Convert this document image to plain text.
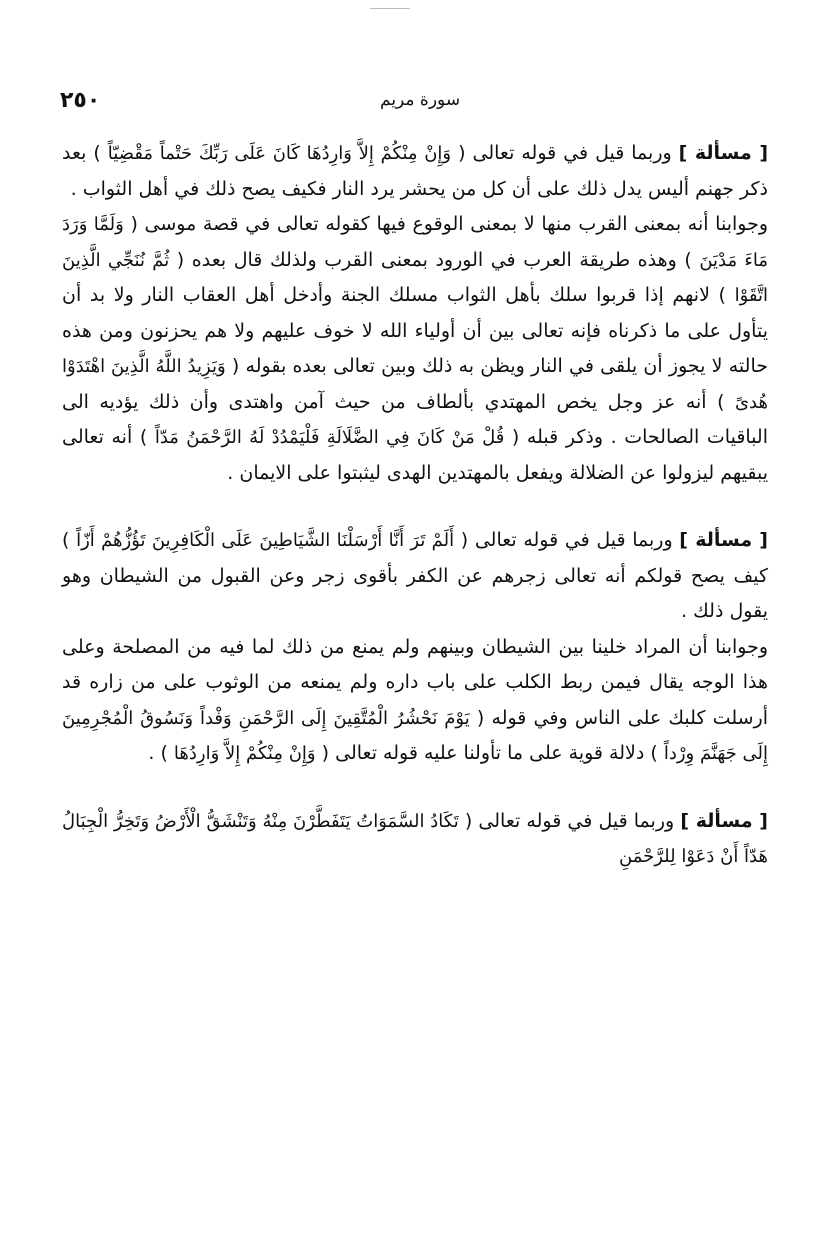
٢٥٠	سورة مريم

[ مسألة ] وربما قيل في قوله تعالى ( وَإِنْ مِنْكُمْ إِلاَّ وَارِدُهَا كَانَ عَلَى رَبِّكَ حَتْماً مَقْضِيّاً ) بعد ذكر جهنم أليس يدل ذلك على أن كل من يحشر يرد النار فكيف يصح ذلك في أهل الثواب .

وجوابنا أنه بمعنى القرب منها لا بمعنى الوقوع فيها كقوله تعالى في قصة موسى ( وَلَمَّا وَرَدَ مَاءَ مَدْيَنَ ) وهذه طريقة العرب في الورود بمعنى القرب ولذلك قال بعده ( ثُمَّ نُنَجِّي الَّذِينَ اتَّقَوْا ) لانهم إذا قربوا سلك بأهل الثواب مسلك الجنة وأدخل أهل العقاب النار ولا بد أن يتأول على ما ذكرناه فإنه تعالى بين أن أولياء الله لا خوف عليهم ولا هم يحزنون ومن هذه حالته لا يجوز أن يلقى في النار ويظن به ذلك وبين تعالى بعده بقوله ( وَيَزِيدُ اللَّهُ الَّذِينَ اهْتَدَوْا هُدىً ) أنه عز وجل يخص المهتدي بألطاف من حيث آمن واهتدى وأن ذلك يؤديه الى الباقيات الصالحات . وذكر قبله ( قُلْ مَنْ كَانَ فِي الضَّلَالَةِ فَلْيَمْدُدْ لَهُ الرَّحْمَنُ مَدّاً ) أنه تعالى يبقيهم ليزولوا عن الضلالة ويفعل بالمهتدين الهدى ليثبتوا على الايمان .

[ مسألة ] وربما قيل في قوله تعالى ( أَلَمْ تَرَ أَنَّا أَرْسَلْنَا الشَّيَاطِينَ عَلَى الْكَافِرِينَ تَؤُزُّهُمْ أَزّاً ) كيف يصح قولكم أنه تعالى زجرهم عن الكفر بأقوى زجر وعن القبول من الشيطان وهو يقول ذلك .

وجوابنا أن المراد خلينا بين الشيطان وبينهم ولم يمنع من ذلك لما فيه من المصلحة وعلى هذا الوجه يقال فيمن ربط الكلب على باب داره ولم يمنعه من الوثوب على من زاره قد أرسلت كلبك على الناس وفي قوله ( يَوْمَ نَحْشُرُ الْمُتَّقِينَ إِلَى الرَّحْمَنِ وَفْداً وَنَسُوقُ الْمُجْرِمِينَ إِلَى جَهَنَّمَ وِرْداً ) دلالة قوية على ما تأولنا عليه قوله تعالى ( وَإِنْ مِنْكُمْ إِلاَّ وَارِدُهَا ) .

[ مسألة ] وربما قيل في قوله تعالى ( تَكَادُ السَّمَوَاتُ يَتَفَطَّرْنَ مِنْهُ وَتَنْشَقُّ الْأَرْضُ وَتَخِرُّ الْجِبَالُ هَدّاً أَنْ دَعَوْا لِلرَّحْمَنِ
